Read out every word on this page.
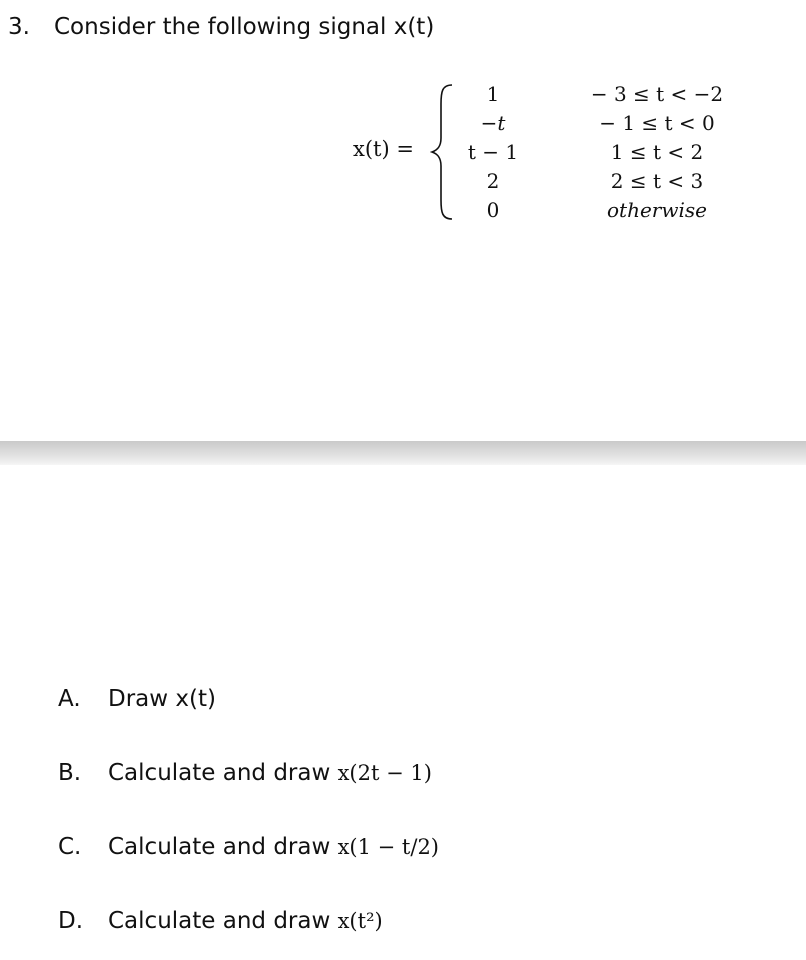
3. Consider the following signal x(t)
x(t) =
1
−t
t − 1
2
0
− 3 ≤ t < −2
− 1 ≤ t < 0
1 ≤ t < 2
2 ≤ t < 3
otherwise
A. Draw x(t)
B. Calculate and draw x(2t − 1)
C. Calculate and draw x(1 − t/2)
D. Calculate and draw x(t²)
